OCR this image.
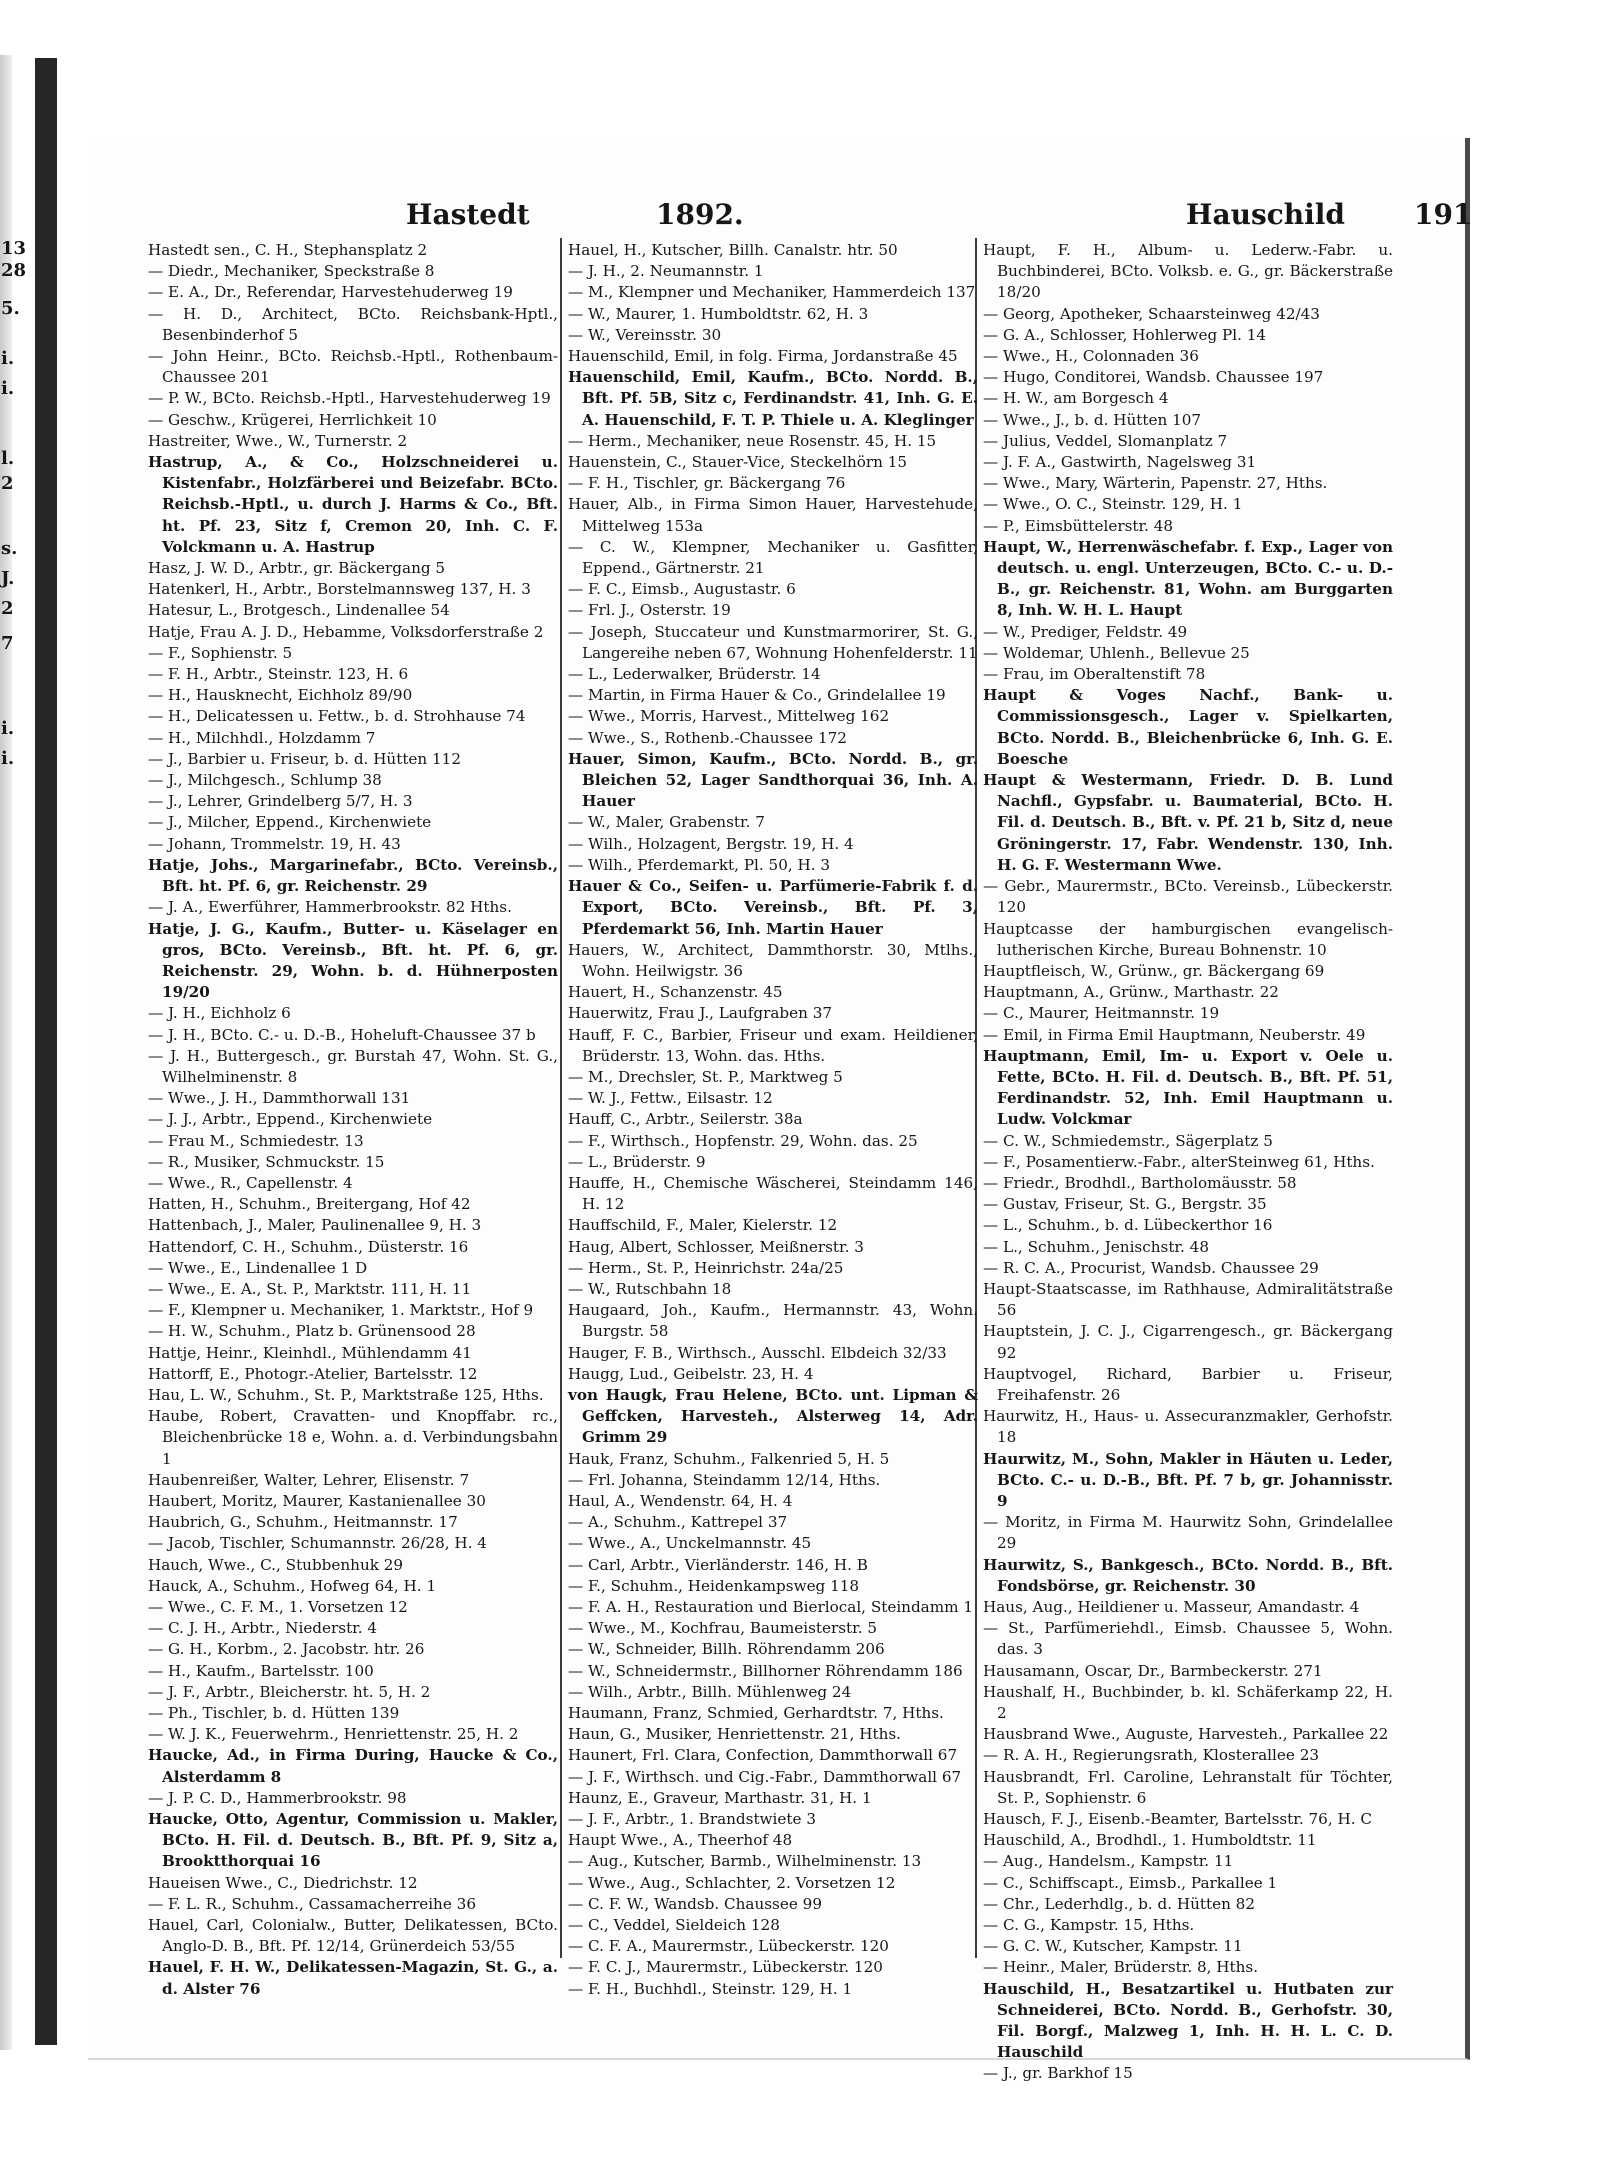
13
28
5.
i.
i.
l.
2
s.
J.
2
7
i.
i.
Hastedt	1892.	Hauschild 191

Hastedt sen., C. H., Stephansplatz 2

— Diedr., Mechaniker, Speckstraße 8

— E. A., Dr., Referendar, Harvestehuderweg 19

— H. D., Architect, BCto. Reichsbank-Hptl., Besenbinderhof 5

— John Heinr., BCto. Reichsb.-Hptl., Rothenbaum-Chaussee 201

— P. W., BCto. Reichsb.-Hptl., Harvestehuderweg 19

— Geschw., Krügerei, Herrlichkeit 10

Hastreiter, Wwe., W., Turnerstr. 2

Hastrup, A., & Co., Holzschneiderei u. Kistenfabr., Holzfärberei und Beizefabr. BCto. Reichsb.-Hptl., u. durch J. Harms & Co., Bft. ht. Pf. 23, Sitz f, Cremon 20, Inh. C. F. Volckmann u. A. Hastrup

Hasz, J. W. D., Arbtr., gr. Bäckergang 5

Hatenkerl, H., Arbtr., Borstelmannsweg 137, H. 3

Hatesur, L., Brotgesch., Lindenallee 54

Hatje, Frau A. J. D., Hebamme, Volksdorferstraße 2

— F., Sophienstr. 5

— F. H., Arbtr., Steinstr. 123, H. 6

— H., Hausknecht, Eichholz 89/90

— H., Delicatessen u. Fettw., b. d. Strohhause 74

— H., Milchhdl., Holzdamm 7

— J., Barbier u. Friseur, b. d. Hütten 112

— J., Milchgesch., Schlump 38

— J., Lehrer, Grindelberg 5/7, H. 3

— J., Milcher, Eppend., Kirchenwiete

— Johann, Trommelstr. 19, H. 43

Hatje, Johs., Margarinefabr., BCto. Vereinsb., Bft. ht. Pf. 6, gr. Reichenstr. 29

— J. A., Ewerführer, Hammerbrookstr. 82 Hths.

Hatje, J. G., Kaufm., Butter- u. Käselager en gros, BCto. Vereinsb., Bft. ht. Pf. 6, gr. Reichenstr. 29, Wohn. b. d. Hühnerposten 19/20

— J. H., Eichholz 6

— J. H., BCto. C.- u. D.-B., Hoheluft-Chaussee 37 b

— J. H., Buttergesch., gr. Burstah 47, Wohn. St. G., Wilhelminenstr. 8

— Wwe., J. H., Dammthorwall 131

— J. J., Arbtr., Eppend., Kirchenwiete

— Frau M., Schmiedestr. 13

— R., Musiker, Schmuckstr. 15

— Wwe., R., Capellenstr. 4

Hatten, H., Schuhm., Breitergang, Hof 42

Hattenbach, J., Maler, Paulinenallee 9, H. 3

Hattendorf, C. H., Schuhm., Düsterstr. 16

— Wwe., E., Lindenallee 1 D

— Wwe., E. A., St. P., Marktstr. 111, H. 11

— F., Klempner u. Mechaniker, 1. Marktstr., Hof 9

— H. W., Schuhm., Platz b. Grünensood 28

Hattje, Heinr., Kleinhdl., Mühlendamm 41

Hattorff, E., Photogr.-Atelier, Bartelsstr. 12

Hau, L. W., Schuhm., St. P., Marktstraße 125, Hths.

Haube, Robert, Cravatten- und Knopffabr. rc., Bleichenbrücke 18 e, Wohn. a. d. Verbindungsbahn 1

Haubenreißer, Walter, Lehrer, Elisenstr. 7

Haubert, Moritz, Maurer, Kastanienallee 30

Haubrich, G., Schuhm., Heitmannstr. 17

— Jacob, Tischler, Schumannstr. 26/28, H. 4

Hauch, Wwe., C., Stubbenhuk 29

Hauck, A., Schuhm., Hofweg 64, H. 1

— Wwe., C. F. M., 1. Vorsetzen 12

— C. J. H., Arbtr., Niederstr. 4

— G. H., Korbm., 2. Jacobstr. htr. 26

— H., Kaufm., Bartelsstr. 100

— J. F., Arbtr., Bleicherstr. ht. 5, H. 2

— Ph., Tischler, b. d. Hütten 139

— W. J. K., Feuerwehrm., Henriettenstr. 25, H. 2

Haucke, Ad., in Firma During, Haucke & Co., Alsterdamm 8

— J. P. C. D., Hammerbrookstr. 98

Haucke, Otto, Agentur, Commission u. Makler, BCto. H. Fil. d. Deutsch. B., Bft. Pf. 9, Sitz a, Brooktthorquai 16

Haueisen Wwe., C., Diedrichstr. 12

— F. L. R., Schuhm., Cassamacherreihe 36

Hauel, Carl, Colonialw., Butter, Delikatessen, BCto. Anglo-D. B., Bft. Pf. 12/14, Grünerdeich 53/55

Hauel, F. H. W., Delikatessen-Magazin, St. G., a. d. Alster 76

Hauel, H., Kutscher, Billh. Canalstr. htr. 50

— J. H., 2. Neumannstr. 1

— M., Klempner und Mechaniker, Hammerdeich 137

— W., Maurer, 1. Humboldtstr. 62, H. 3

— W., Vereinsstr. 30

Hauenschild, Emil, in folg. Firma, Jordanstraße 45

Hauenschild, Emil, Kaufm., BCto. Nordd. B., Bft. Pf. 5B, Sitz c, Ferdinandstr. 41, Inh. G. E. A. Hauenschild, F. T. P. Thiele u. A. Kleglinger

— Herm., Mechaniker, neue Rosenstr. 45, H. 15

Hauenstein, C., Stauer-Vice, Steckelhörn 15

— F. H., Tischler, gr. Bäckergang 76

Hauer, Alb., in Firma Simon Hauer, Harvestehude, Mittelweg 153a

— C. W., Klempner, Mechaniker u. Gasfitter, Eppend., Gärtnerstr. 21

— F. C., Eimsb., Augustastr. 6

— Frl. J., Osterstr. 19

— Joseph, Stuccateur und Kunstmarmorirer, St. G., Langereihe neben 67, Wohnung Hohenfelderstr. 11

— L., Lederwalker, Brüderstr. 14

— Martin, in Firma Hauer & Co., Grindelallee 19

— Wwe., Morris, Harvest., Mittelweg 162

— Wwe., S., Rothenb.-Chaussee 172

Hauer, Simon, Kaufm., BCto. Nordd. B., gr. Bleichen 52, Lager Sandthorquai 36, Inh. A. Hauer

— W., Maler, Grabenstr. 7

— Wilh., Holzagent, Bergstr. 19, H. 4

— Wilh., Pferdemarkt, Pl. 50, H. 3

Hauer & Co., Seifen- u. Parfümerie-Fabrik f. d. Export, BCto. Vereinsb., Bft. Pf. 3, Pferdemarkt 56, Inh. Martin Hauer

Hauers, W., Architect, Dammthorstr. 30, Mtlhs., Wohn. Heilwigstr. 36

Hauert, H., Schanzenstr. 45

Hauerwitz, Frau J., Laufgraben 37

Hauff, F. C., Barbier, Friseur und exam. Heildiener, Brüderstr. 13, Wohn. das. Hths.

— M., Drechsler, St. P., Marktweg 5

— W. J., Fettw., Eilsastr. 12

Hauff, C., Arbtr., Seilerstr. 38a

— F., Wirthsch., Hopfenstr. 29, Wohn. das. 25

— L., Brüderstr. 9

Hauffe, H., Chemische Wäscherei, Steindamm 146, H. 12

Hauffschild, F., Maler, Kielerstr. 12

Haug, Albert, Schlosser, Meißnerstr. 3

— Herm., St. P., Heinrichstr. 24a/25

— W., Rutschbahn 18

Haugaard, Joh., Kaufm., Hermannstr. 43, Wohn. Burgstr. 58

Hauger, F. B., Wirthsch., Ausschl. Elbdeich 32/33

Haugg, Lud., Geibelstr. 23, H. 4

von Haugk, Frau Helene, BCto. unt. Lipman & Geffcken, Harvesteh., Alsterweg 14, Adr. Grimm 29

Hauk, Franz, Schuhm., Falkenried 5, H. 5

— Frl. Johanna, Steindamm 12/14, Hths.

Haul, A., Wendenstr. 64, H. 4

— A., Schuhm., Kattrepel 37

— Wwe., A., Unckelmannstr. 45

— Carl, Arbtr., Vierländerstr. 146, H. B

— F., Schuhm., Heidenkampsweg 118

— F. A. H., Restauration und Bierlocal, Steindamm 1

— Wwe., M., Kochfrau, Baumeisterstr. 5

— W., Schneider, Billh. Röhrendamm 206

— W., Schneidermstr., Billhorner Röhrendamm 186

— Wilh., Arbtr., Billh. Mühlenweg 24

Haumann, Franz, Schmied, Gerhardtstr. 7, Hths.

Haun, G., Musiker, Henriettenstr. 21, Hths.

Haunert, Frl. Clara, Confection, Dammthorwall 67

— J. F., Wirthsch. und Cig.-Fabr., Dammthorwall 67

Haunz, E., Graveur, Marthastr. 31, H. 1

— J. F., Arbtr., 1. Brandstwiete 3

Haupt Wwe., A., Theerhof 48

— Aug., Kutscher, Barmb., Wilhelminenstr. 13

— Wwe., Aug., Schlachter, 2. Vorsetzen 12

— C. F. W., Wandsb. Chaussee 99

— C., Veddel, Sieldeich 128

— C. F. A., Maurermstr., Lübeckerstr. 120

— F. C. J., Maurermstr., Lübeckerstr. 120

— F. H., Buchhdl., Steinstr. 129, H. 1

Haupt, F. H., Album- u. Lederw.-Fabr. u. Buchbinderei, BCto. Volksb. e. G., gr. Bäckerstraße 18/20

— Georg, Apotheker, Schaarsteinweg 42/43

— G. A., Schlosser, Hohlerweg Pl. 14

— Wwe., H., Colonnaden 36

— Hugo, Conditorei, Wandsb. Chaussee 197

— H. W., am Borgesch 4

— Wwe., J., b. d. Hütten 107

— Julius, Veddel, Slomanplatz 7

— J. F. A., Gastwirth, Nagelsweg 31

— Wwe., Mary, Wärterin, Papenstr. 27, Hths.

— Wwe., O. C., Steinstr. 129, H. 1

— P., Eimsbüttelerstr. 48

Haupt, W., Herrenwäschefabr. f. Exp., Lager von deutsch. u. engl. Unterzeugen, BCto. C.- u. D.-B., gr. Reichenstr. 81, Wohn. am Burggarten 8, Inh. W. H. L. Haupt

— W., Prediger, Feldstr. 49

— Woldemar, Uhlenh., Bellevue 25

— Frau, im Oberaltenstift 78

Haupt & Voges Nachf., Bank- u. Commissionsgesch., Lager v. Spielkarten, BCto. Nordd. B., Bleichenbrücke 6, Inh. G. E. Boesche

Haupt & Westermann, Friedr. D. B. Lund Nachfl., Gypsfabr. u. Baumaterial, BCto. H. Fil. d. Deutsch. B., Bft. v. Pf. 21 b, Sitz d, neue Gröningerstr. 17, Fabr. Wendenstr. 130, Inh. H. G. F. Westermann Wwe.

— Gebr., Maurermstr., BCto. Vereinsb., Lübeckerstr. 120

Hauptcasse der hamburgischen evangelisch-lutherischen Kirche, Bureau Bohnenstr. 10

Hauptfleisch, W., Grünw., gr. Bäckergang 69

Hauptmann, A., Grünw., Marthastr. 22

— C., Maurer, Heitmannstr. 19

— Emil, in Firma Emil Hauptmann, Neuberstr. 49

Hauptmann, Emil, Im- u. Export v. Oele u. Fette, BCto. H. Fil. d. Deutsch. B., Bft. Pf. 51, Ferdinandstr. 52, Inh. Emil Hauptmann u. Ludw. Volckmar

— C. W., Schmiedemstr., Sägerplatz 5

— F., Posamentierw.-Fabr., alterSteinweg 61, Hths.

— Friedr., Brodhdl., Bartholomäusstr. 58

— Gustav, Friseur, St. G., Bergstr. 35

— L., Schuhm., b. d. Lübeckerthor 16

— L., Schuhm., Jenischstr. 48

— R. C. A., Procurist, Wandsb. Chaussee 29

Haupt-Staatscasse, im Rathhause, Admiralitätstraße 56

Hauptstein, J. C. J., Cigarrengesch., gr. Bäckergang 92

Hauptvogel, Richard, Barbier u. Friseur, Freihafenstr. 26

Haurwitz, H., Haus- u. Assecuranzmakler, Gerhofstr. 18

Haurwitz, M., Sohn, Makler in Häuten u. Leder, BCto. C.- u. D.-B., Bft. Pf. 7 b, gr. Johannisstr. 9

— Moritz, in Firma M. Haurwitz Sohn, Grindelallee 29

Haurwitz, S., Bankgesch., BCto. Nordd. B., Bft. Fondsbörse, gr. Reichenstr. 30

Haus, Aug., Heildiener u. Masseur, Amandastr. 4

— St., Parfümeriehdl., Eimsb. Chaussee 5, Wohn. das. 3

Hausamann, Oscar, Dr., Barmbeckerstr. 271

Haushalf, H., Buchbinder, b. kl. Schäferkamp 22, H. 2

Hausbrand Wwe., Auguste, Harvesteh., Parkallee 22

— R. A. H., Regierungsrath, Klosterallee 23

Hausbrandt, Frl. Caroline, Lehranstalt für Töchter, St. P., Sophienstr. 6

Hausch, F. J., Eisenb.-Beamter, Bartelsstr. 76, H. C

Hauschild, A., Brodhdl., 1. Humboldtstr. 11

— Aug., Handelsm., Kampstr. 11

— C., Schiffscapt., Eimsb., Parkallee 1

— Chr., Lederhdlg., b. d. Hütten 82

— C. G., Kampstr. 15, Hths.

— G. C. W., Kutscher, Kampstr. 11

— Heinr., Maler, Brüderstr. 8, Hths.

Hauschild, H., Besatzartikel u. Hutbaten zur Schneiderei, BCto. Nordd. B., Gerhofstr. 30, Fil. Borgf., Malzweg 1, Inh. H. H. L. C. D. Hauschild

— J., gr. Barkhof 15
